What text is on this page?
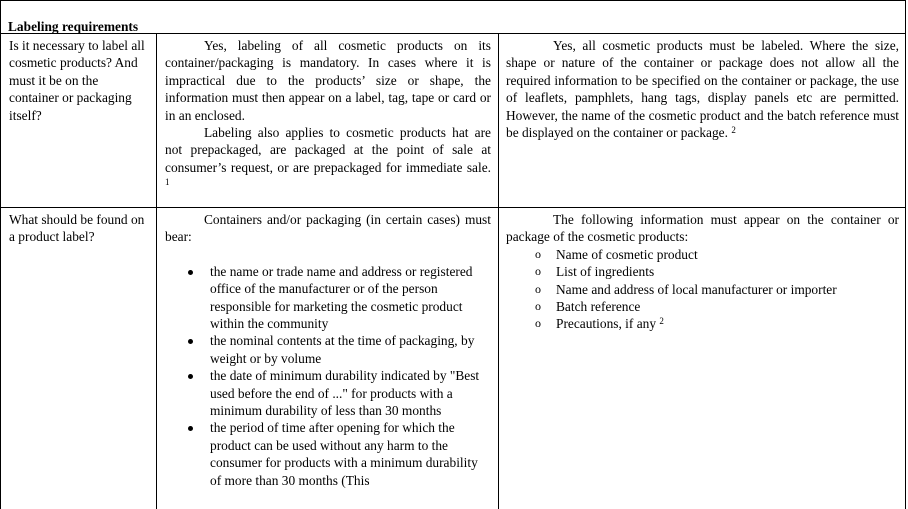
Labeling requirements
Is it necessary to label all cosmetic products? And must it be on the container or packaging itself?
Yes, labeling of all cosmetic products on its container/packaging is mandatory. In cases where it is impractical due to the products’ size or shape, the information must then appear on a label, tag, tape or card or in an enclosed.
Labeling also applies to cosmetic products hat are not prepackaged, are packaged at the point of sale at consumer’s request, or are prepackaged for immediate sale. $^1$
Yes, all cosmetic products must be labeled. Where the size, shape or nature of the container or package does not allow all the required information to be specified on the container or package, the use of leaflets, pamphlets, hang tags, display panels etc are permitted. However, the name of the cosmetic product and the batch reference must be displayed on the container or package. $^2$
What should be found on a product label?
Containers and/or packaging (in certain cases) must bear:
the name or trade name and address or registered office of the manufacturer or of the person responsible for marketing the cosmetic product within the community
the nominal contents at the time of packaging, by weight or by volume
the date of minimum durability indicated by "Best used before the end of ..." for products with a minimum durability of less than 30 months
the period of time after opening for which the product can be used without any harm to the consumer for products with a minimum durability of more than 30 months (This
The following information must appear on the container or package of the cosmetic products:
o Name of cosmetic product
o List of ingredients
o Name and address of local manufacturer or importer
o Batch reference
o Precautions, if any $^2$
